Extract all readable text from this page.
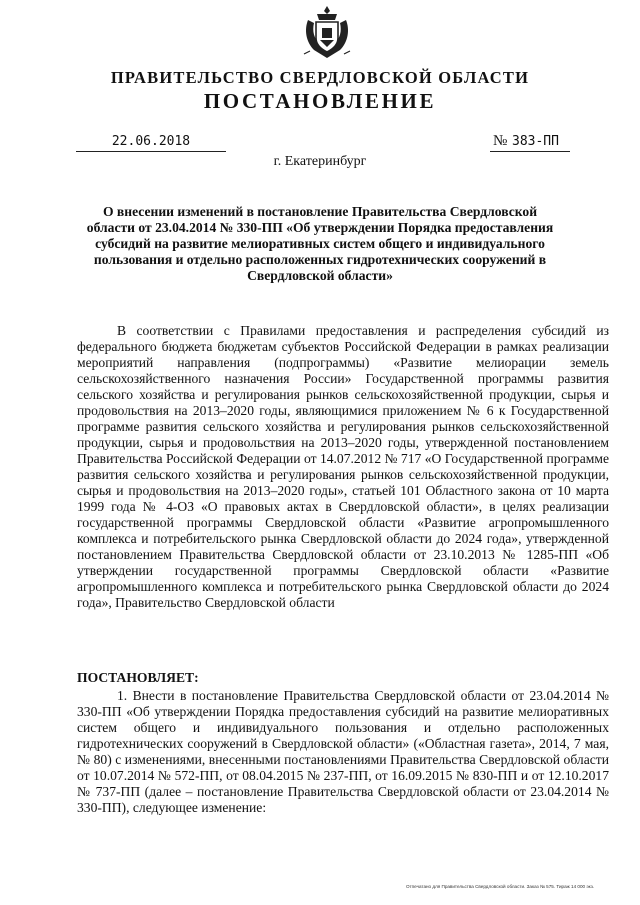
ПРАВИТЕЛЬСТВО СВЕРДЛОВСКОЙ ОБЛАСТИ
ПОСТАНОВЛЕНИЕ
22.06.2018	№ 383-ПП
г. Екатеринбург
О внесении изменений в постановление Правительства Свердловской области от 23.04.2014 № 330-ПП «Об утверждении Порядка предоставления субсидий на развитие мелиоративных систем общего и индивидуального пользования и отдельно расположенных гидротехнических сооружений в Свердловской области»

В соответствии с Правилами предоставления и распределения субсидий из федерального бюджета бюджетам субъектов Российской Федерации в рамках реализации мероприятий направления (подпрограммы) «Развитие мелиорации земель сельскохозяйственного назначения России» Государственной программы развития сельского хозяйства и регулирования рынков сельскохозяйственной продукции, сырья и продовольствия на 2013–2020 годы, являющимися приложением № 6 к Государственной программе развития сельского хозяйства и регулирования рынков сельскохозяйственной продукции, сырья и продовольствия на 2013–2020 годы, утвержденной постановлением Правительства Российской Федерации от 14.07.2012 № 717 «О Государственной программе развития сельского хозяйства и регулирования рынков сельскохозяйственной продукции, сырья и продовольствия на 2013–2020 годы», статьей 101 Областного закона от 10 марта 1999 года № 4-ОЗ «О правовых актах в Свердловской области», в целях реализации государственной программы Свердловской области «Развитие агропромышленного комплекса и потребительского рынка Свердловской области до 2024 года», утвержденной постановлением Правительства Свердловской области от 23.10.2013 № 1285-ПП «Об утверждении государственной программы Свердловской области «Развитие агропромышленного комплекса и потребительского рынка Свердловской области до 2024 года», Правительство Свердловской области

ПОСТАНОВЛЯЕТ:

1. Внести в постановление Правительства Свердловской области от 23.04.2014 № 330-ПП «Об утверждении Порядка предоставления субсидий на развитие мелиоративных систем общего и индивидуального пользования и отдельно расположенных гидротехнических сооружений в Свердловской области» («Областная газета», 2014, 7 мая, № 80) с изменениями, внесенными постановлениями Правительства Свердловской области от 10.07.2014 № 572-ПП, от 08.04.2015 № 237-ПП, от 16.09.2015 № 830-ПП и от 12.10.2017 № 737-ПП (далее – постановление Правительства Свердловской области от 23.04.2014 № 330-ПП), следующее изменение:

Отпечатано для Правительства Свердловской области. Заказ № 575. Тираж 14 000 экз.
